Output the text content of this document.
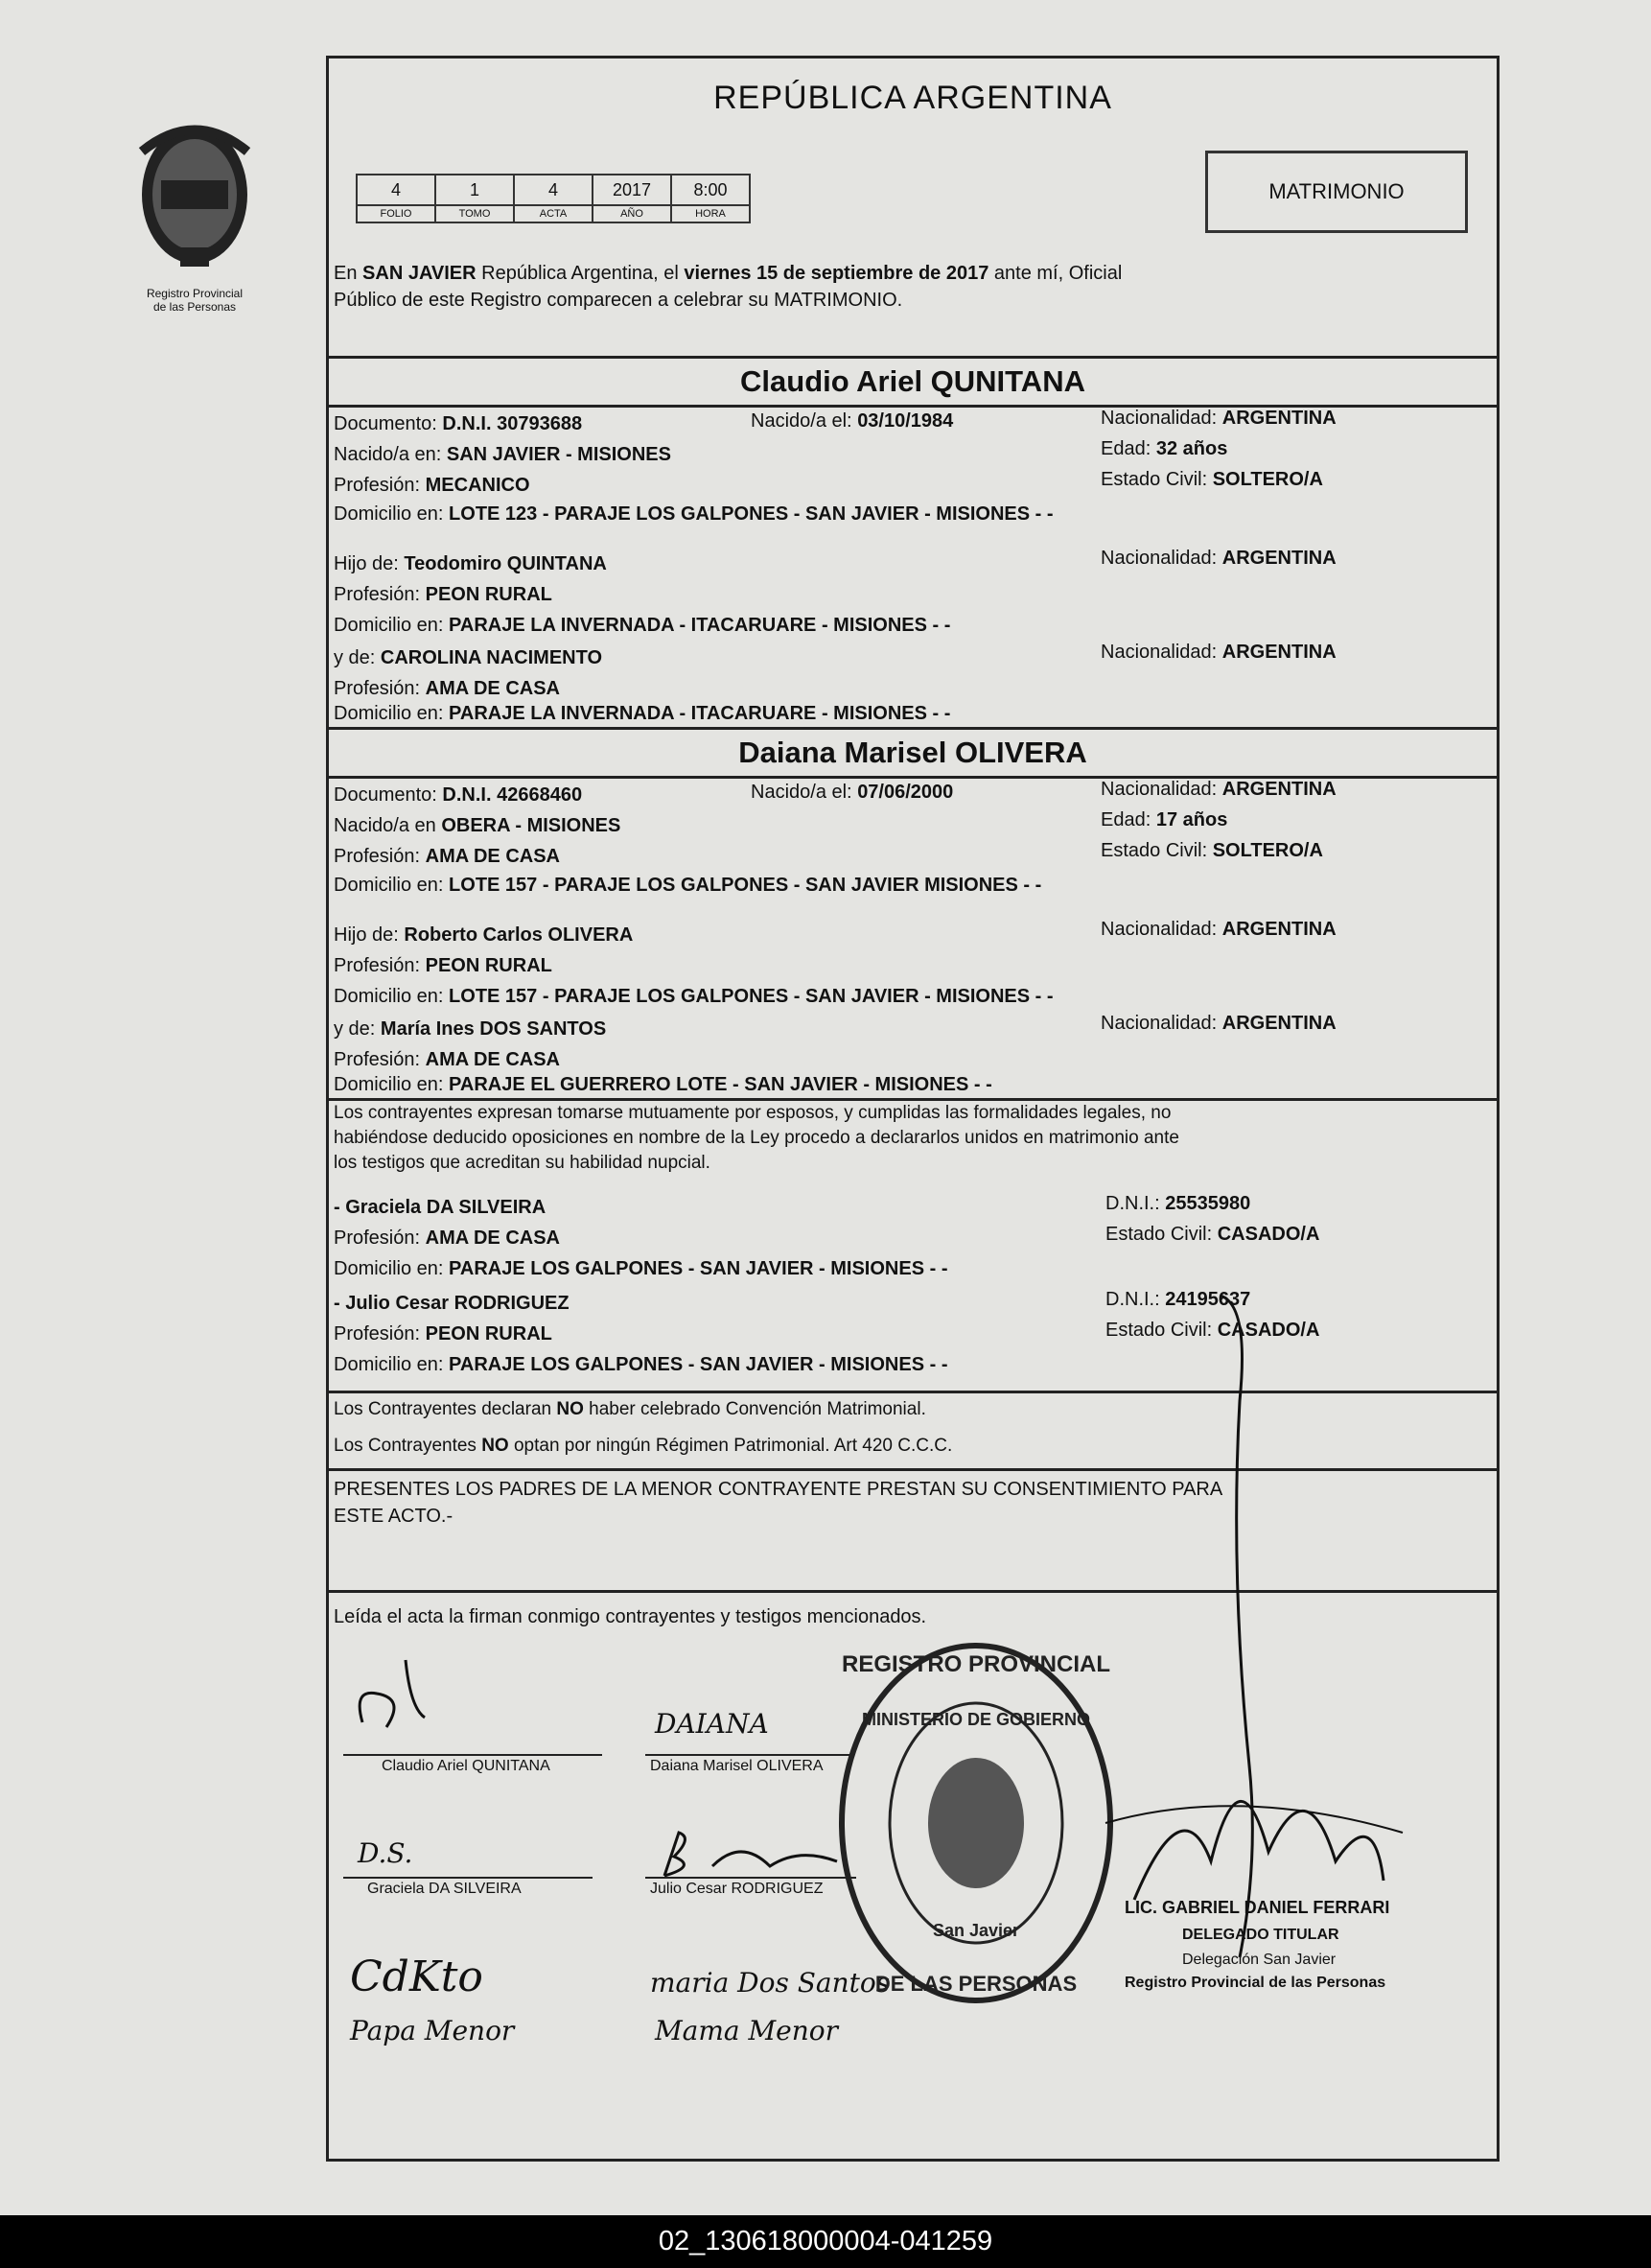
Registro Provincial
de las Personas
REPÚBLICA ARGENTINA
4	1	4	2017	8:00
FOLIO	TOMO	ACTA	AÑO	HORA
MATRIMONIO
En SAN JAVIER República Argentina, el viernes 15 de septiembre de 2017 ante mí, Oficial
Público de este Registro comparecen a celebrar su MATRIMONIO.
Claudio Ariel QUNITANA
Documento: D.N.I. 30793688	Nacido/a el: 03/10/1984	Nacionalidad: ARGENTINA
Nacido/a en: SAN JAVIER - MISIONES	Edad: 32 años
Profesión: MECANICO	Estado Civil: SOLTERO/A
Domicilio en: LOTE 123 - PARAJE LOS GALPONES - SAN JAVIER - MISIONES - -
Hijo de: Teodomiro QUINTANA	Nacionalidad: ARGENTINA
Profesión: PEON RURAL
Domicilio en: PARAJE LA INVERNADA - ITACARUARE - MISIONES - -
y de: CAROLINA NACIMENTO	Nacionalidad: ARGENTINA
Profesión: AMA DE CASA
Domicilio en: PARAJE LA INVERNADA - ITACARUARE - MISIONES - -
Daiana Marisel OLIVERA
Documento: D.N.I. 42668460	Nacido/a el: 07/06/2000	Nacionalidad: ARGENTINA
Nacido/a en OBERA - MISIONES	Edad: 17 años
Profesión: AMA DE CASA	Estado Civil: SOLTERO/A
Domicilio en: LOTE 157 - PARAJE LOS GALPONES - SAN JAVIER MISIONES - -
Hijo de: Roberto Carlos OLIVERA	Nacionalidad: ARGENTINA
Profesión: PEON RURAL
Domicilio en: LOTE 157 - PARAJE LOS GALPONES - SAN JAVIER - MISIONES - -
y de: María Ines DOS SANTOS	Nacionalidad: ARGENTINA
Profesión: AMA DE CASA
Domicilio en: PARAJE EL GUERRERO LOTE - SAN JAVIER - MISIONES - -
Los contrayentes expresan tomarse mutuamente por esposos, y cumplidas las formalidades legales, no
habiéndose deducido oposiciones en nombre de la Ley procedo a declararlos unidos en matrimonio ante
los testigos que acreditan su habilidad nupcial.
- Graciela DA SILVEIRA	D.N.I.: 25535980
Profesión: AMA DE CASA	Estado Civil: CASADO/A
Domicilio en: PARAJE LOS GALPONES - SAN JAVIER - MISIONES - -
- Julio Cesar RODRIGUEZ	D.N.I.: 24195637
Profesión: PEON RURAL	Estado Civil: CASADO/A
Domicilio en: PARAJE LOS GALPONES - SAN JAVIER - MISIONES - -
Los Contrayentes declaran NO haber celebrado Convención Matrimonial.
Los Contrayentes NO optan por ningún Régimen Patrimonial. Art 420 C.C.C.
PRESENTES LOS PADRES DE LA MENOR CONTRAYENTE PRESTAN SU CONSENTIMIENTO PARA
ESTE ACTO.-
Leída el acta la firman conmigo contrayentes y testigos mencionados.
DAIANA
Claudio Ariel QUNITANA	Daiana Marisel OLIVERA
D.S.
Graciela DA SILVEIRA	Julio Cesar RODRIGUEZ
CdKto
Papa Menor
maria Dos Santos
Mama Menor
REGISTRO PROVINCIAL
DE LAS PERSONAS
MINISTERIO DE GOBIERNO
San Javier
LIC. GABRIEL DANIEL FERRARI
DELEGADO TITULAR
Delegación San Javier
Registro Provincial de las Personas
02_130618000004-041259
